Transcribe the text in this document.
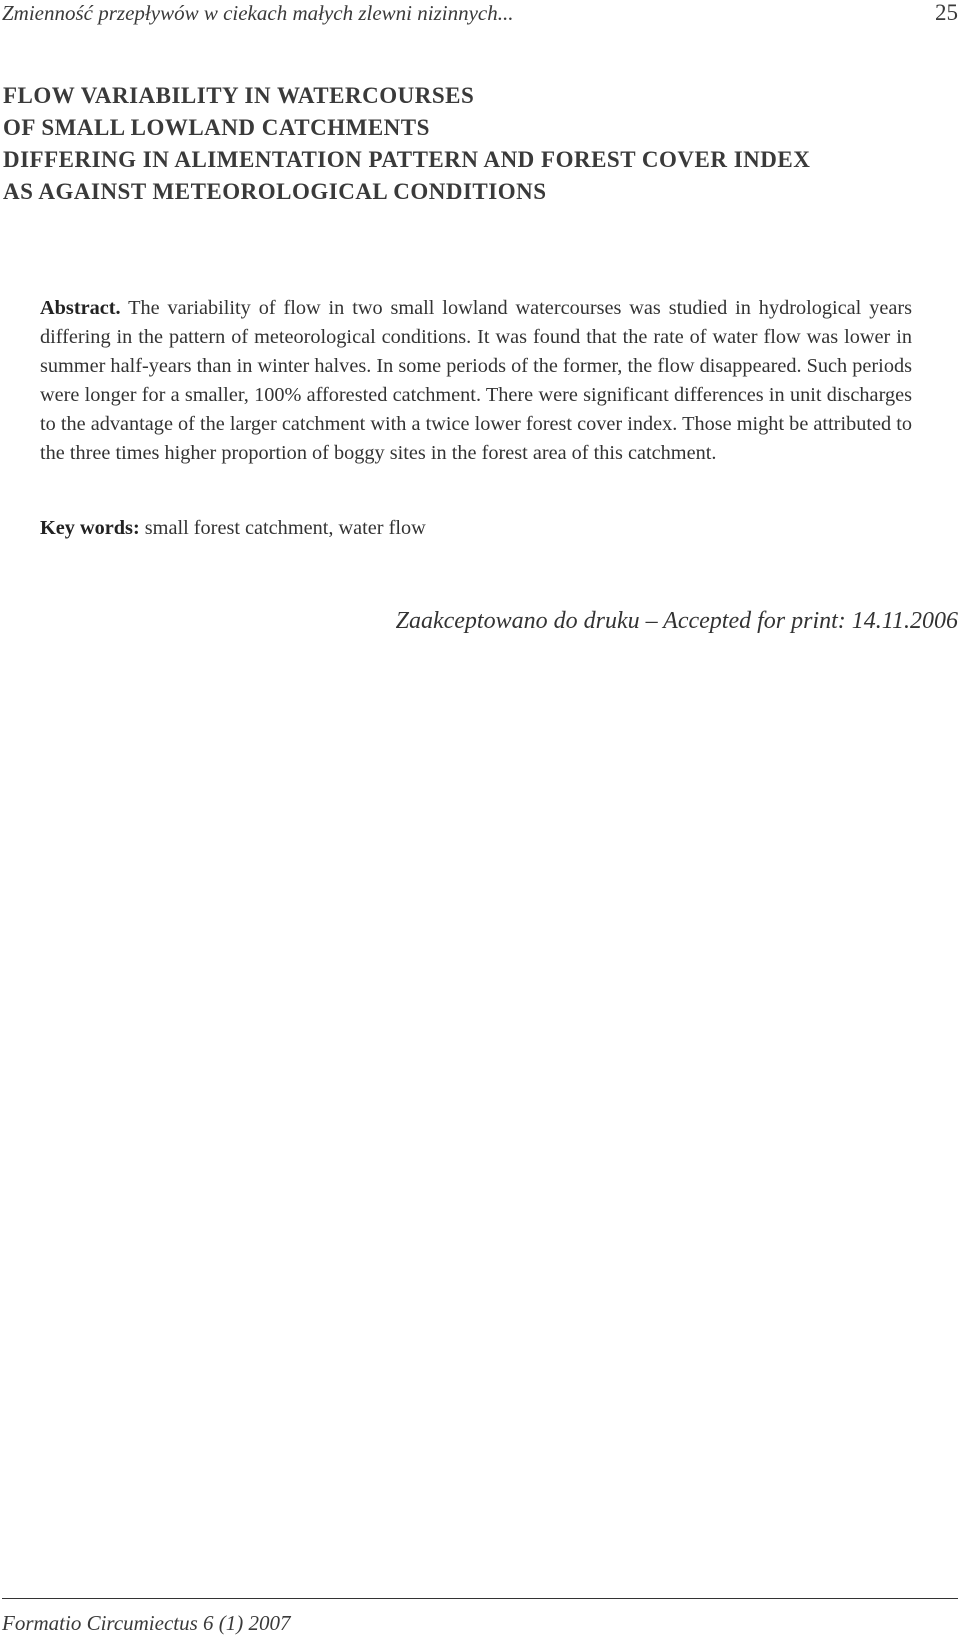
Zmienność przepływów w ciekach małych zlewni nizinnych...	25
FLOW VARIABILITY IN WATERCOURSES
OF SMALL LOWLAND CATCHMENTS
DIFFERING IN ALIMENTATION PATTERN AND FOREST COVER INDEX
AS AGAINST METEOROLOGICAL CONDITIONS

Abstract. The variability of flow in two small lowland watercourses was studied in hydrological years differing in the pattern of meteorological conditions. It was found that the rate of water flow was lower in summer half-years than in winter halves. In some periods of the former, the flow disappeared. Such periods were longer for a smaller, 100% afforested catchment. There were significant differences in unit discharges to the advantage of the larger catchment with a twice lower forest cover index. Those might be attributed to the three times higher proportion of boggy sites in the forest area of this catchment.

Key words: small forest catchment, water flow

Zaakceptowano do druku – Accepted for print: 14.11.2006

Formatio Circumiectus 6 (1) 2007
